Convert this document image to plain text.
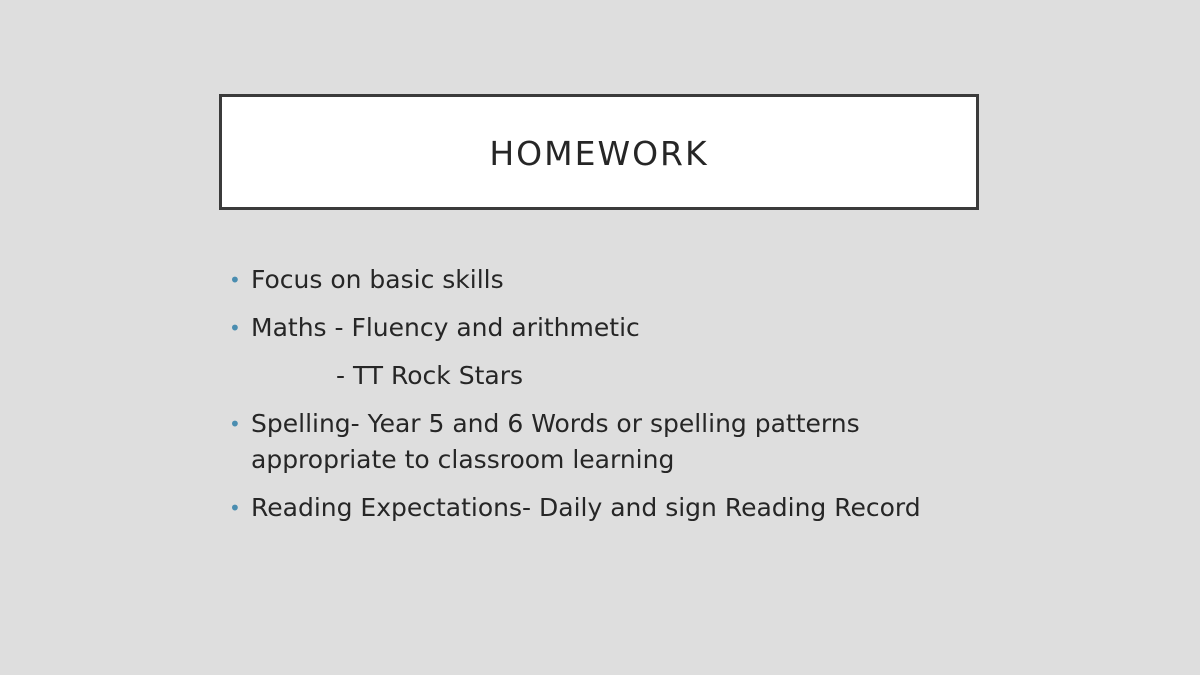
HOMEWORK
• Focus on basic skills
• Maths - Fluency and arithmetic
- TT Rock Stars
• Spelling- Year 5 and 6 Words or spelling patterns appropriate to classroom learning
• Reading Expectations- Daily and sign Reading Record
